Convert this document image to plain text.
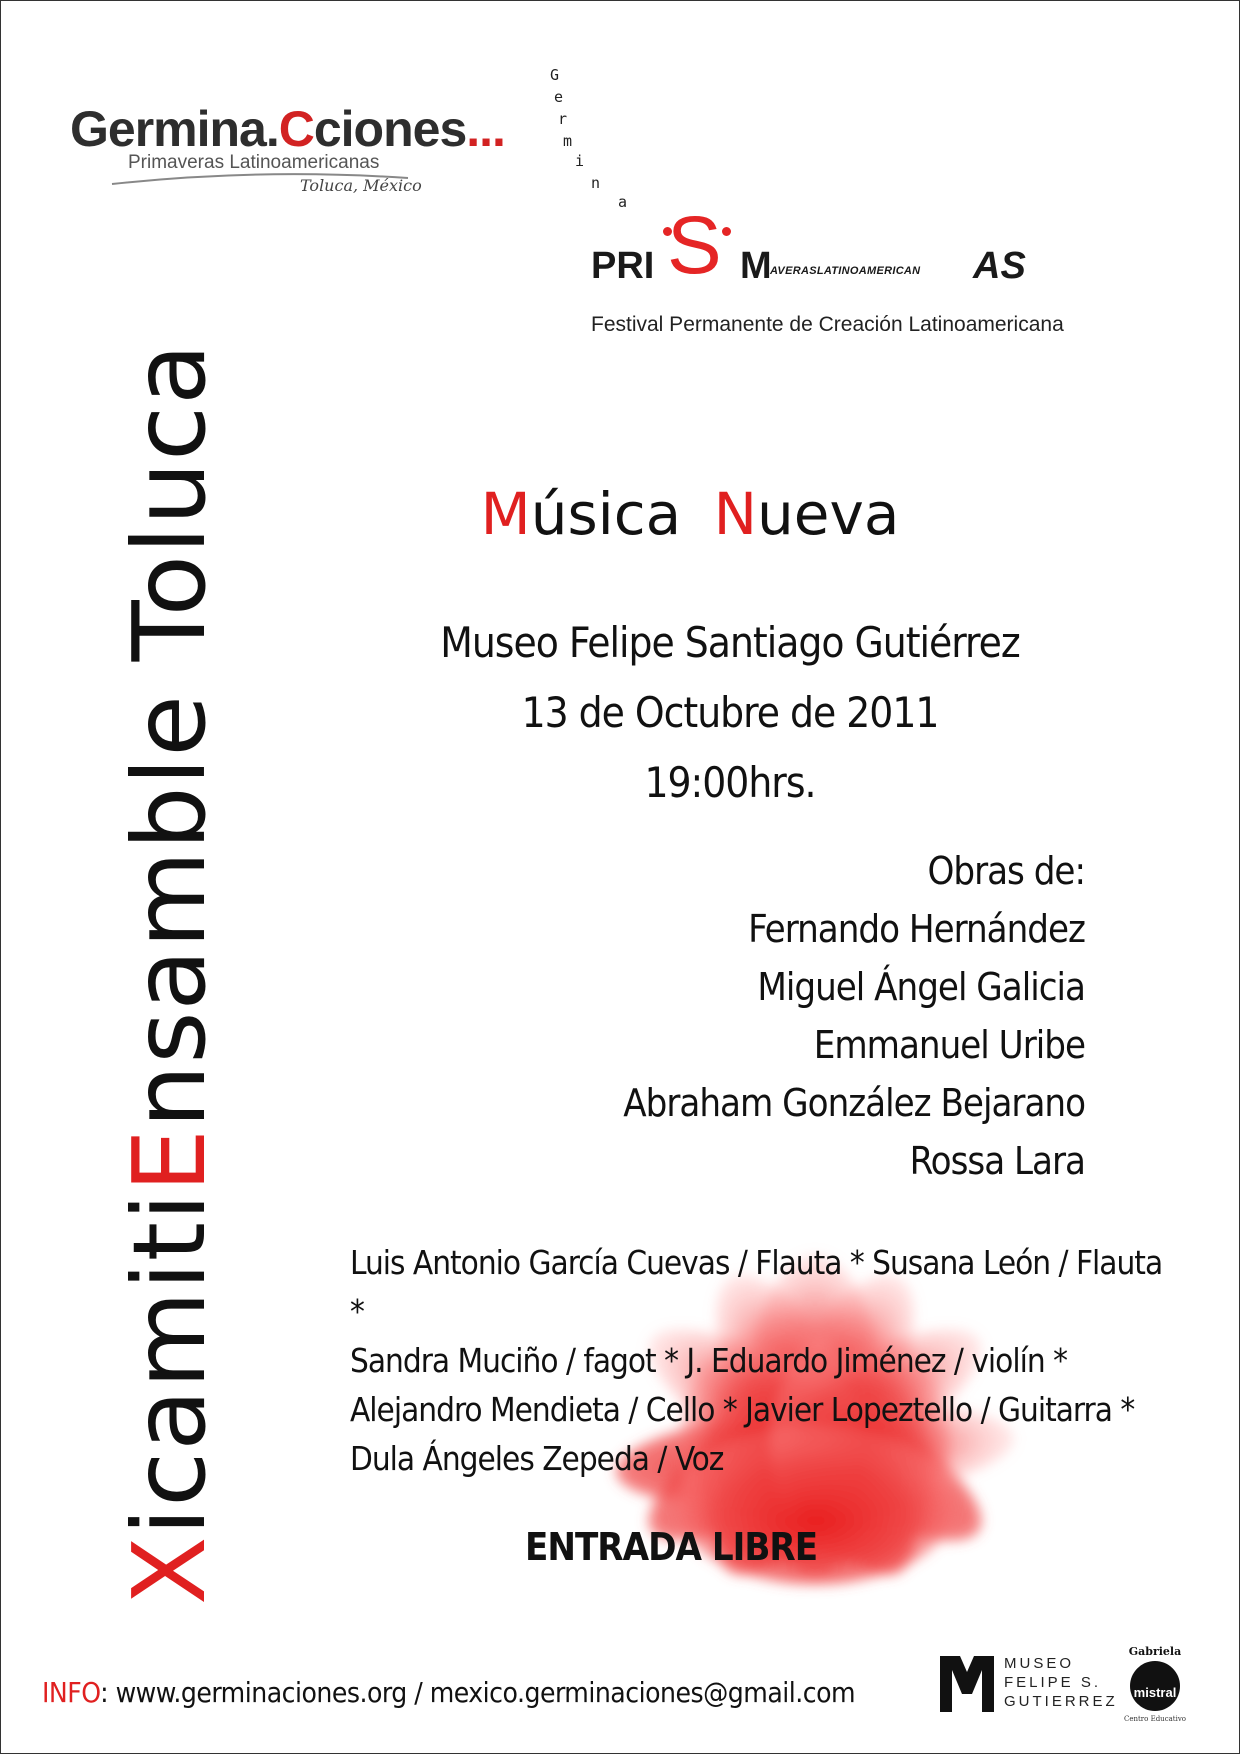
Germina.Cciones...
Primaveras Latinoamericanas
Toluca, México
G
e
r
m
i
n
a
PRI S M
AVERASLATINOAMERICAN AS
Festival Permanente de Creación Latinoamericana
XicamitiEnsamble Toluca	Música Nueva
Museo Felipe Santiago Gutiérrez
13 de Octubre de 2011
19:00hrs.
Obras de:
Fernando Hernández
Miguel Ángel Galicia
Emmanuel Uribe
Abraham González Bejarano
Rossa Lara
Luis Antonio García Cuevas / Flauta * Susana León / Flauta *
Sandra Muciño / fagot * J. Eduardo Jiménez / violín *
Alejandro Mendieta / Cello * Javier Lopeztello / Guitarra *
Dula Ángeles Zepeda / Voz
ENTRADA LIBRE
INFO: www.germinaciones.org / mexico.germinaciones@gmail.com
MUSEO
FELIPE S.
GUTIERREZ
Gabriela
mistral
Centro Educativo
